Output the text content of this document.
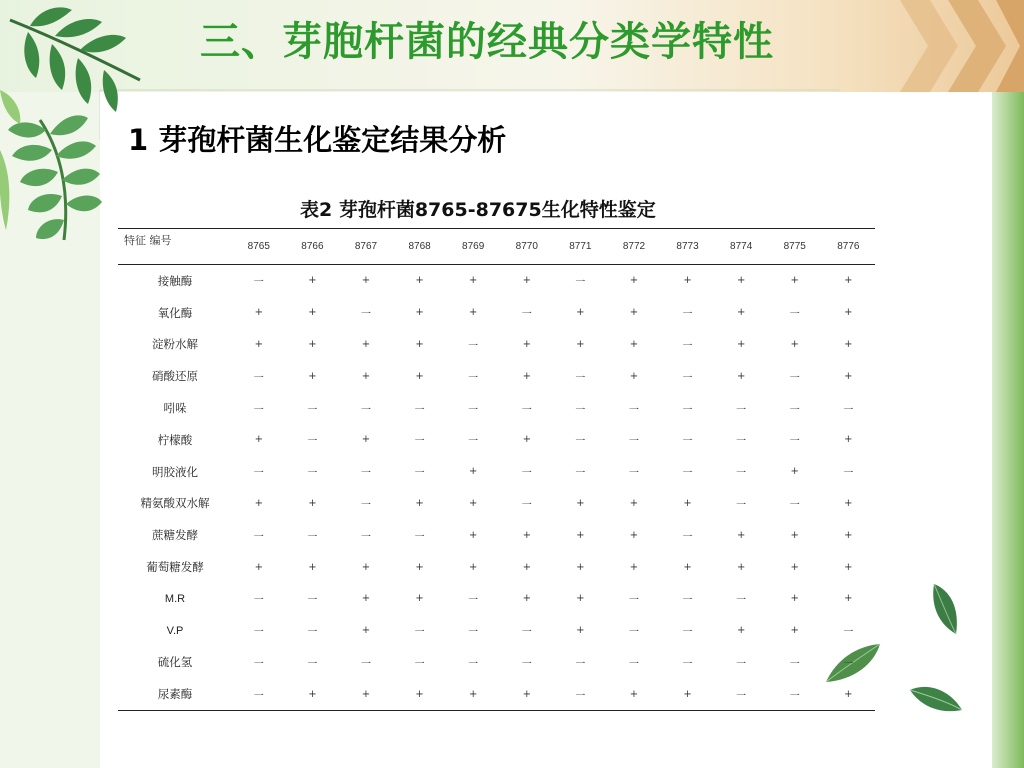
三、芽胞杆菌的经典分类学特性
1 芽孢杆菌生化鉴定结果分析
表2 芽孢杆菌8765-87675生化特性鉴定
特征 编号	8765	8766	8767	8768	8769	8770	8771	8772	8773	8774	8775	8776
接触酶	一	+	+	+	+	+	一	+	+	+	+	+
氧化酶	+	+	一	+	+	一	+	+	一	+	一	+
淀粉水解	+	+	+	+	一	+	+	+	一	+	+	+
硝酸还原	一	+	+	+	一	+	一	+	一	+	一	+
吲哚	一	一	一	一	一	一	一	一	一	一	一	一
柠檬酸	+	一	+	一	一	+	一	一	一	一	一	+
明胶液化	一	一	一	一	+	一	一	一	一	一	+	一
精氨酸双水解	+	+	一	+	+	一	+	+	+	一	一	+
蔗糖发酵	一	一	一	一	+	+	+	+	一	+	+	+
葡萄糖发酵	+	+	+	+	+	+	+	+	+	+	+	+
M.R	一	一	+	+	一	+	+	一	一	一	+	+
V.P	一	一	+	一	一	一	+	一	一	+	+	一
硫化氢	一	一	一	一	一	一	一	一	一	一	一	一
尿素酶	一	+	+	+	+	+	一	+	+	一	一	+
